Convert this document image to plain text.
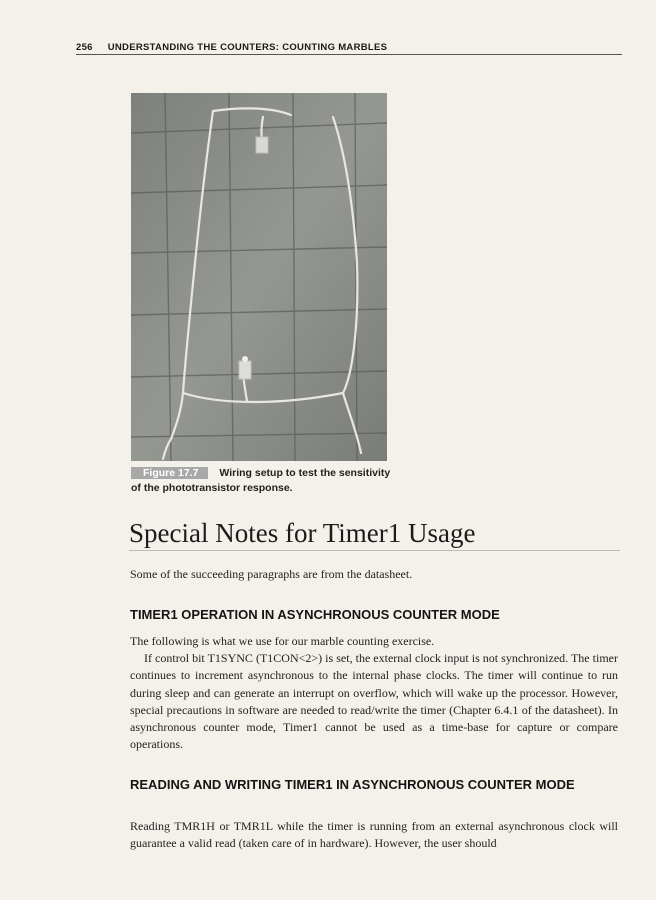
256 UNDERSTANDING THE COUNTERS: COUNTING MARBLES

Figure 17.7 Wiring setup to test the sensitivity of the phototransistor response.
Special Notes for Timer1 Usage

Some of the succeeding paragraphs are from the datasheet.

TIMER1 OPERATION IN ASYNCHRONOUS COUNTER MODE

The following is what we use for our marble counting exercise.

If control bit T1SYNC (T1CON<2>) is set, the external clock input is not synchronized. The timer continues to increment asynchronous to the internal phase clocks. The timer will continue to run during sleep and can generate an interrupt on overflow, which will wake up the processor. However, special precautions in software are needed to read/write the timer (Chapter 6.4.1 of the datasheet). In asynchronous counter mode, Timer1 cannot be used as a time-base for capture or compare operations.

READING AND WRITING TIMER1 IN ASYNCHRONOUS COUNTER MODE

Reading TMR1H or TMR1L while the timer is running from an external asynchronous clock will guarantee a valid read (taken care of in hardware). However, the user should
